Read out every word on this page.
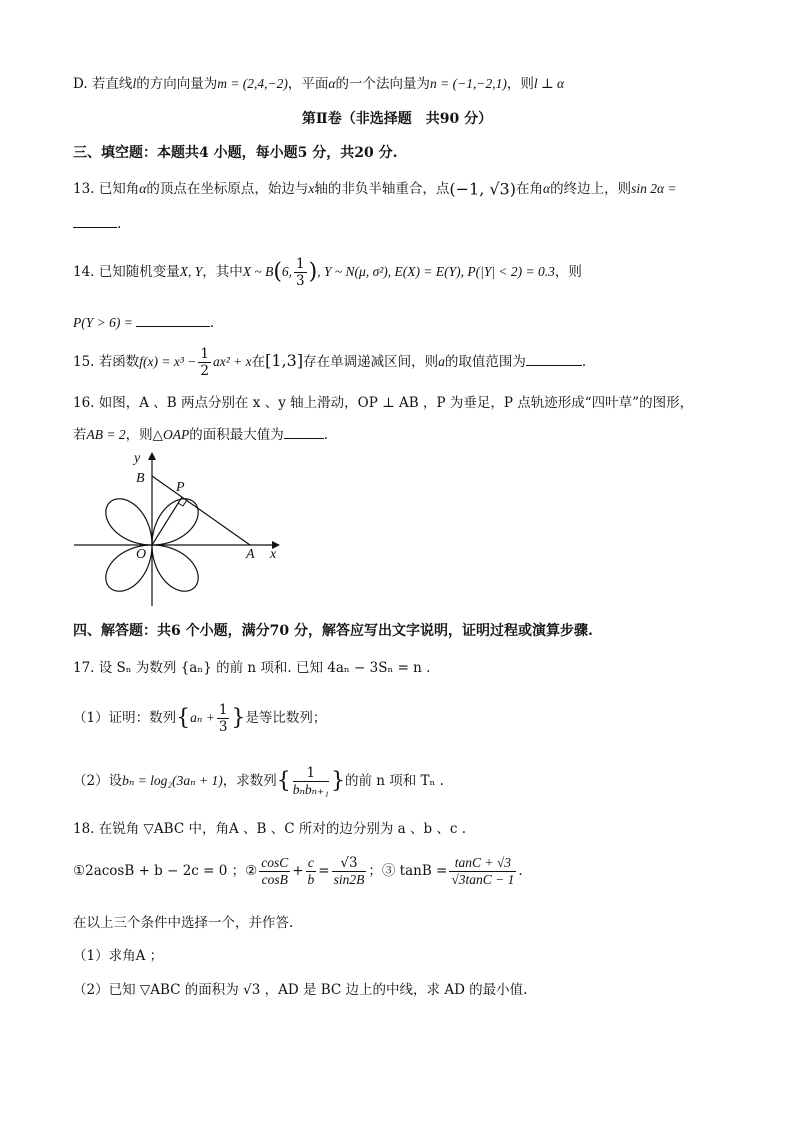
D. 若直线l的方向向量为m = (2,4,−2)，平面α的一个法向量为n = (−1,−2,1)，则l ⊥ α
第Ⅱ卷（非选择题　共90 分）
三、填空题：本题共4 小题，每小题5 分，共20 分.
13. 已知角α的顶点在坐标原点，始边与x轴的非负半轴重合，点(−1, √3)在角α的终边上，则sin 2α =
.
14. 已知随机变量X, Y，其中X ~ B(6, $\frac{1}{3}$ ), Y ~ N(μ, σ²), E(X) = E(Y), P(|Y| < 2) = 0.3，则
P(Y > 6) =	.
15. 若函数$f(x) = x^3 - \frac{1}{2} ax^2 + x$在[1,3]存在单调递减区间，则a的取值范围为	.
16. 如图，A 、B 两点分别在 x 、y 轴上滑动，OP ⊥ AB ，P 为垂足，P 点轨迹形成“四叶草”的图形，
若AB = 2，则△OAP的面积最大值为	.
y
B
P
O	A x
四、解答题：共6 个小题，满分70 分，解答应写出文字说明，证明过程或演算步骤.
17. 设 Sₙ 为数列 {aₙ} 的前 n 项和. 已知 4aₙ − 3Sₙ = n .
（1）证明：数列{$a_n + \frac{1}{3}$ }是等比数列；
（2）设bₙ = log₂(3aₙ + 1)，求数列{ $\frac{1}{\text{bₙbₙ₊₁}}$}的前 n 项和 Tₙ .
18. 在锐角 ▽ABC 中，角A 、B 、C 所对的边分别为 a 、b 、c .
①2acosB + b − 2c = 0 ；② $\frac{\cos C}{\cos B} + \frac{c}{b} = \frac{√3}{\sin 2B}$ ；③ $\tan B = \frac{\tan C + √3}{√3\tan C - 1}$ .
在以上三个条件中选择一个，并作答.
（1）求角A ；
（2）已知 ▽ABC 的面积为 √3 ，AD 是 BC 边上的中线，求 AD 的最小值.
